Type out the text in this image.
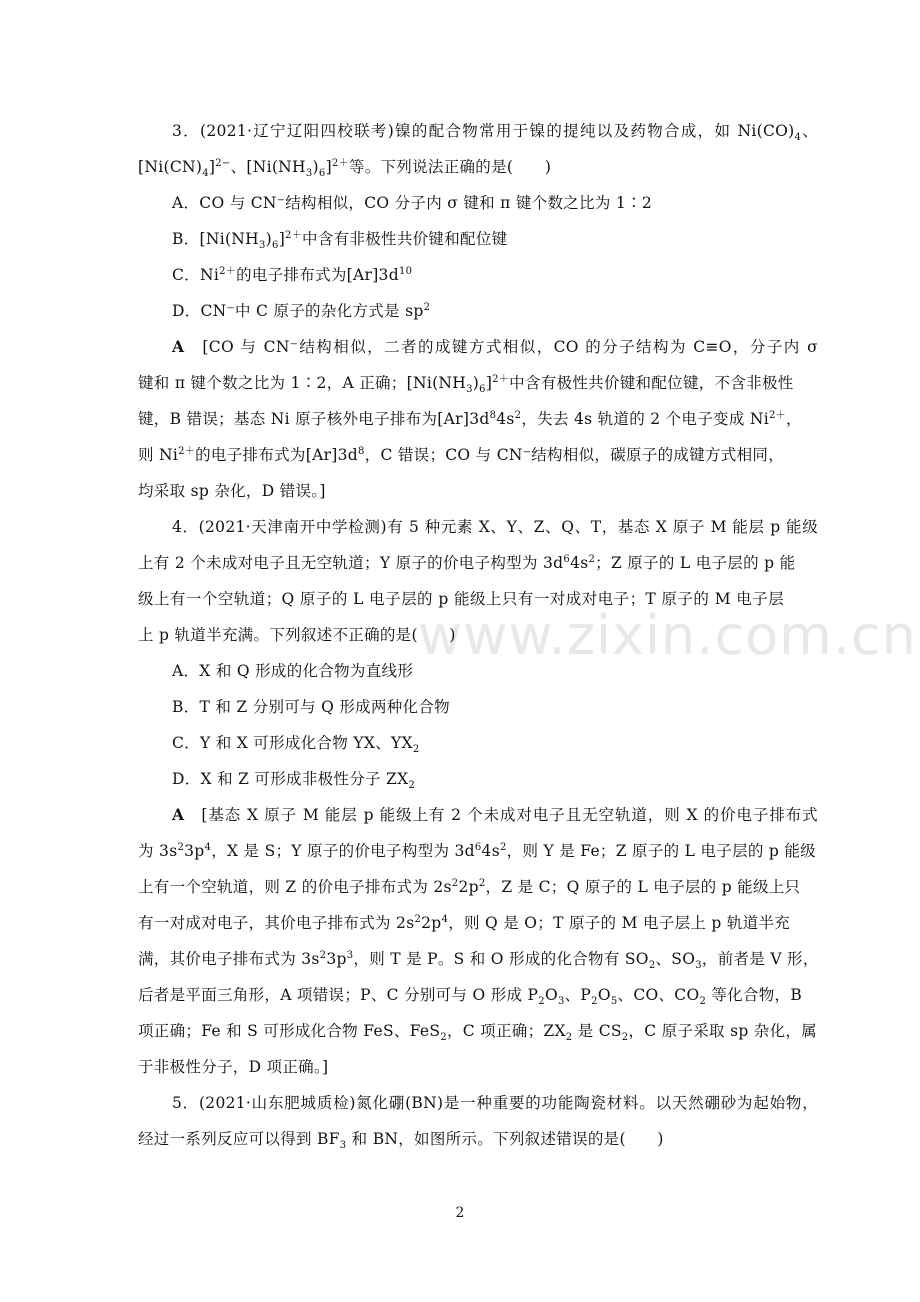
www.zixin.com.cn
3．(2021·辽宁辽阳四校联考)镍的配合物常用于镍的提纯以及药物合成，如 $Ni(CO)_4$、
$[Ni(CN)_4]^{2-}$、$[Ni(NH_3)_6]^{2+}$等。下列说法正确的是(　　)
A．CO 与 CN⁻结构相似，CO 分子内 σ 键和 π 键个数之比为 1∶2
B．$[Ni(NH_3)_6]^{2+}$中含有非极性共价键和配位键
C．$Ni^{2+}$的电子排布式为$[Ar]3d^{10}$
D．CN⁻中 C 原子的杂化方式是 $sp^2$
A　[CO 与 CN⁻结构相似，二者的成键方式相似，CO 的分子结构为 C≡O，分子内 σ
键和 π 键个数之比为 1∶2，A 正确；$[Ni(NH_3)_6]^{2+}$中含有极性共价键和配位键，不含非极性
键，B 错误；基态 Ni 原子核外电子排布为$[Ar]3d^84s^2$，失去 4s 轨道的 2 个电子变成 $Ni^{2+}$，
则 $Ni^{2+}$的电子排布式为$[Ar]3d^8$，C 错误；CO 与 CN⁻结构相似，碳原子的成键方式相同，
均采取 sp 杂化，D 错误。]
4．(2021·天津南开中学检测)有 5 种元素 X、Y、Z、Q、T，基态 X 原子 M 能层 p 能级
上有 2 个未成对电子且无空轨道；Y 原子的价电子构型为 $3d^64s^2$；Z 原子的 L 电子层的 p 能
级上有一个空轨道；Q 原子的 L 电子层的 p 能级上只有一对成对电子；T 原子的 M 电子层
上 p 轨道半充满。下列叙述不正确的是(　　)
A．X 和 Q 形成的化合物为直线形
B．T 和 Z 分别可与 Q 形成两种化合物
C．Y 和 X 可形成化合物 YX、$YX_2$
D．X 和 Z 可形成非极性分子 $ZX_2$
A　[基态 X 原子 M 能层 p 能级上有 2 个未成对电子且无空轨道，则 X 的价电子排布式
为 $3s^23p^4$，X 是 S；Y 原子的价电子构型为 $3d^64s^2$，则 Y 是 Fe；Z 原子的 L 电子层的 p 能级
上有一个空轨道，则 Z 的价电子排布式为 $2s^22p^2$，Z 是 C；Q 原子的 L 电子层的 p 能级上只
有一对成对电子，其价电子排布式为 $2s^22p^4$，则 Q 是 O；T 原子的 M 电子层上 p 轨道半充
满，其价电子排布式为 $3s^23p^3$，则 T 是 P。S 和 O 形成的化合物有 $SO_2$、$SO_3$，前者是 V 形，
后者是平面三角形，A 项错误；P、C 分别可与 O 形成 $P_2O_3$、$P_2O_5$、CO、$CO_2$ 等化合物，B
项正确；Fe 和 S 可形成化合物 FeS、FeS$_2$，C 项正确；$ZX_2$ 是 $CS_2$，C 原子采取 sp 杂化，属
于非极性分子，D 项正确。]
5．(2021·山东肥城质检)氮化硼(BN)是一种重要的功能陶瓷材料。以天然硼砂为起始物，
经过一系列反应可以得到 $BF_3$ 和 BN，如图所示。下列叙述错误的是(　　)
2
